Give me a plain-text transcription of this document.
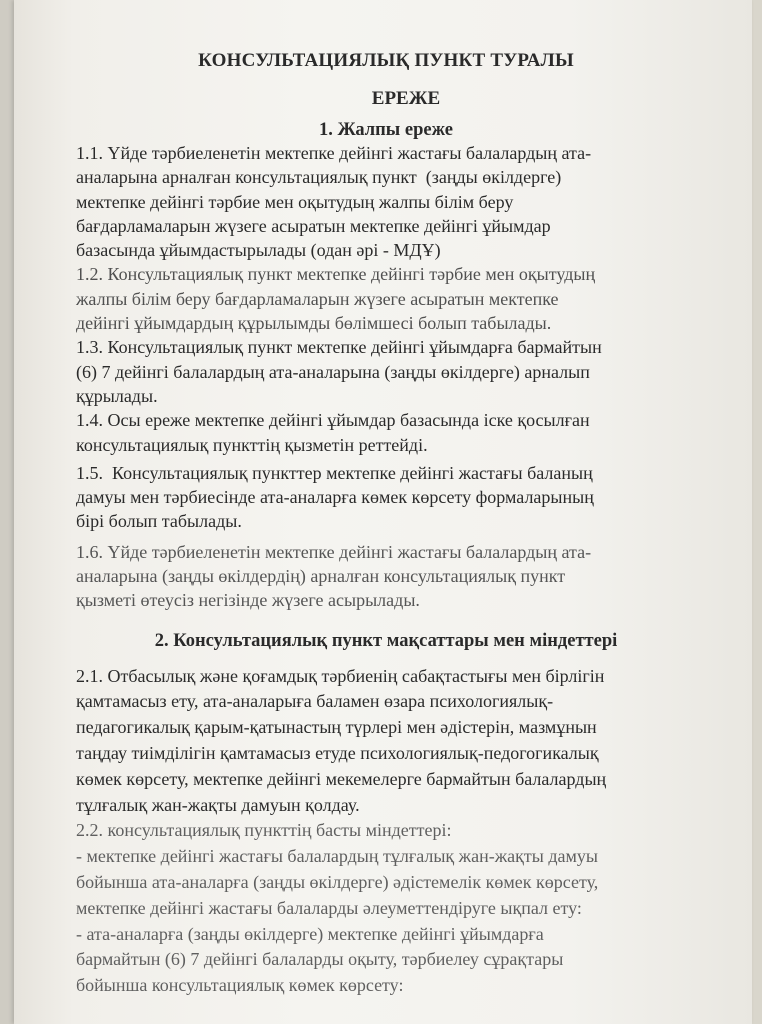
КОНСУЛЬТАЦИЯЛЫҚ ПУНКТ ТУРАЛЫ
ЕРЕЖЕ
1. Жалпы ереже

1.1. Үйде тәрбиеленетін мектепке дейінгі жастағы балалардың ата-
аналарына арналған консультациялық пункт  (заңды өкілдерге)
мектепке дейінгі тәрбие мен оқытудың жалпы білім беру
бағдарламаларын жүзеге асыратын мектепке дейінгі ұйымдар
базасында ұйымдастырылады (одан әрі - МДҰ)

1.2. Консультациялық пункт мектепке дейінгі тәрбие мен оқытудың
жалпы білім беру бағдарламаларын жүзеге асыратын мектепке
дейінгі ұйымдардың құрылымды бөлімшесі болып табылады.

1.3. Консультациялық пункт мектепке дейінгі ұйымдарға бармайтын
(6) 7 дейінгі балалардың ата-аналарына (заңды өкілдерге) арналып
құрылады.

1.4. Осы ереже мектепке дейінгі ұйымдар базасында іске қосылған
консультациялық пункттің қызметін реттейді.

1.5.  Консультациялық пункттер мектепке дейінгі жастағы баланың
дамуы мен тәрбиесінде ата-аналарға көмек көрсету формаларының
бірі болып табылады.

1.6. Үйде тәрбиеленетін мектепке дейінгі жастағы балалардың ата-
аналарына (заңды өкілдердің) арналған консультациялық пункт
қызметі өтеусіз негізінде жүзеге асырылады.

2. Консультациялық пункт мақсаттары мен міндеттері

2.1. Отбасылық және қоғамдық тәрбиенің сабақтастығы мен бірлігін
қамтамасыз ету, ата-аналарыға баламен өзара психологиялық-
педагогикалық қарым-қатынастың түрлері мен әдістерін, мазмұнын
таңдау тиімділігін қамтамасыз етуде психологиялық-педогогикалық
көмек көрсету, мектепке дейінгі мекемелерге бармайтын балалардың
тұлғалық жан-жақты дамуын қолдау.

2.2. консультациялық пункттің басты міндеттері:
- мектепке дейінгі жастағы балалардың тұлғалық жан-жақты дамуы
бойынша ата-аналарға (заңды өкілдерге) әдістемелік көмек көрсету,
мектепке дейінгі жастағы балаларды әлеуметтендіруге ықпал ету:
- ата-аналарға (заңды өкілдерге) мектепке дейінгі ұйымдарға
бармайтын (6) 7 дейінгі балаларды оқыту, тәрбиелеу сұрақтары
бойынша консультациялық көмек көрсету:
